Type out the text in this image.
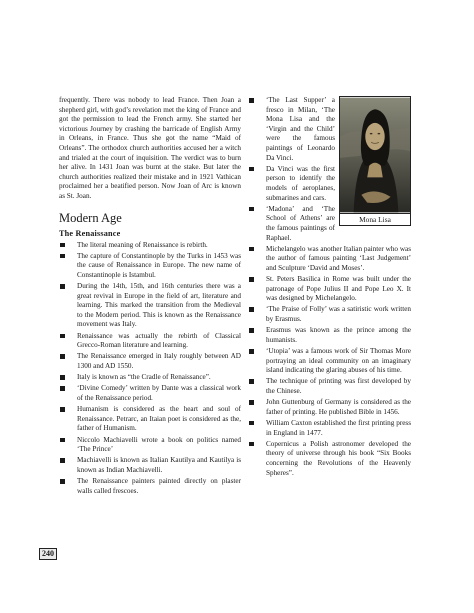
frequently. There was nobody to lead France. Then Joan a shepherd girl, with god’s revelation met the king of France and got the permission to lead the French army. She started her victorious Journey by crashing the barricade of English Army in Orleans, in France. Thus she got the name “Maid of Orleans”. The orthodox church authorities accused her a witch and trialed at the court of inquisition. The verdict was to burn her alive. In 1431 Joan was burnt at the stake. But later the church authorities realized their mistake and in 1921 Vathican proclaimed her a beatified person. Now Joan of Arc is known as St. Joan.

Modern Age
The Renaissance
The literal meaning of Renaissance is rebirth.
The capture of Constantinople by the Turks in 1453 was the cause of Renaissance in Europe. The new name of Constantinople is Istambul.
During the 14th, 15th, and 16th centuries there was a great revival in Europe in the field of art, literature and learning. This marked the transition from the Medieval to the Modern period. This is known as the Renaissance movement was Italy.
Renaissance was actually the rebirth of Classical Grecco-Roman literature and learning.
The Renaissance emerged in Italy roughly between AD 1300 and AD 1550.
Italy is known as “the Cradle of Renaissance”.
‘Divine Comedy’ written by Dante was a classical work of the Renaissance period.
Humanism is considered as the heart and soul of Renaissance. Petrarc, an Itaian poet is considered as the, father of Humanism.
Niccolo Machiavelli wrote a book on politics named ‘The Prince’
Machiavelli is known as Italian Kautilya and Kautilya is known as Indian Machiavelli.
The Renaissance painters painted directly on plaster walls called frescoes.
Mona Lisa
‘The Last Supper’ a fresco in Milan, ‘The Mona Lisa and the ‘Virgin and the Child’ were the famous paintings of Leonardo Da Vinci.
Da Vinci was the first person to identify the models of aeroplanes, submarines and cars.
‘Madona’ and ‘The School of Athens’ are the famous paintings of Raphael.
Michelangelo was another Italian painter who was the author of famous painting ‘Last Judgement’ and Sculpture ‘David and Moses’.
St. Peters Basilica in Rome was built under the patronage of Pope Julius II and Pope Leo X. It was designed by Michelangelo.
‘The Praise of Folly’ was a satiristic work written by Erasmus.
Erasmus was known as the prince among the humanists.
‘Utopia’ was a famous work of Sir Thomas More portraying an ideal community on an imaginary island indicating the glaring abuses of his time.
The technique of printing was first developed by the Chinese.
John Guttenburg of Germany is considered as the father of printing. He published Bible in 1456.
William Caxton established the first printing press in England in 1477.
Copernicus a Polish astronomer developed the theory of universe through his book “Six Books concerning the Revolutions of the Heavenly Spheres”.
240
